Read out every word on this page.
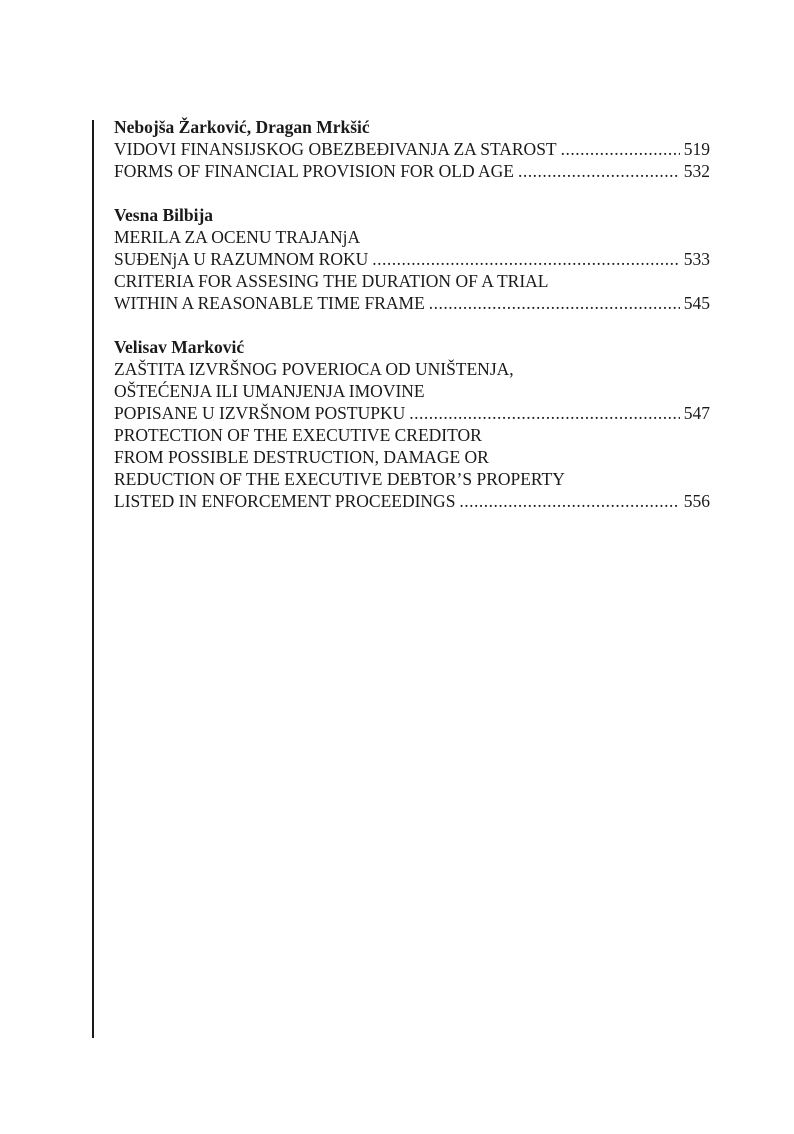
Nebojša Žarković, Dragan Mrkšić
VIDOVI FINANSIJSKOG OBEZBEĐIVANJA ZA STAROST .....	519
FORMS OF FINANCIAL PROVISION FOR OLD AGE .....	532
Vesna Bilbija
MERILA ZA OCENU TRAJANjA
SUĐENjA U RAZUMNOM ROKU .....	533
CRITERIA FOR ASSESING THE DURATION OF A TRIAL
WITHIN A REASONABLE TIME FRAME .....	545
Velisav Marković
ZAŠTITA IZVRŠNOG POVERIOCA OD UNIŠTENJA,
OŠTEĆENJA ILI UMANJENJA IMOVINE
POPISANE U IZVRŠNOM POSTUPKU .....	547
PROTECTION OF THE EXECUTIVE CREDITOR
FROM POSSIBLE DESTRUCTION, DAMAGE OR
REDUCTION OF THE EXECUTIVE DEBTOR’S PROPERTY
LISTED IN ENFORCEMENT PROCEEDINGS .....	556
